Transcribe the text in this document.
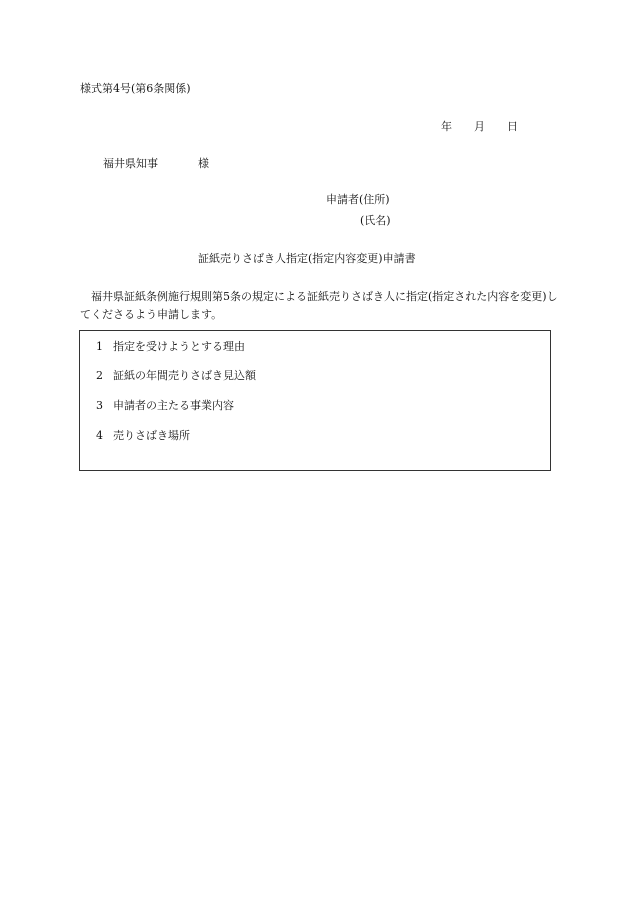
様式第4号(第6条関係)
年 月 日
福井県知事	様
申請者(住所)
(氏名)
証紙売りさばき人指定(指定内容変更)申請書
福井県証紙条例施行規則第5条の規定による証紙売りさばき人に指定(指定された内容を変更)してくださるよう申請します。
1 指定を受けようとする理由
2 証紙の年間売りさばき見込額
3 申請者の主たる事業内容
4 売りさばき場所
